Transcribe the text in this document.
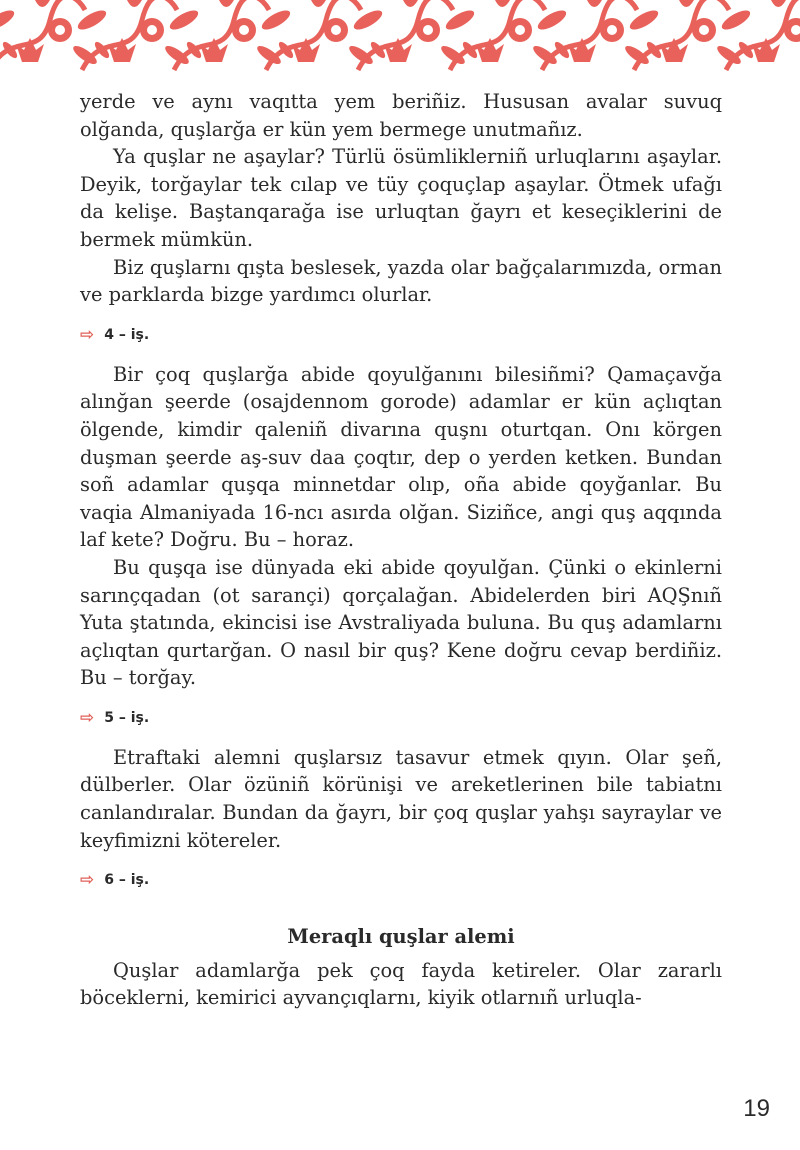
yerde ve aynı vaqıtta yem beriñiz. Hususan avalar suvuq olğanda, quşlarğa er kün yem bermege unutmañız.

Ya quşlar ne aşaylar? Türlü ösümliklerniñ urluqlarını aşaylar. Deyik, torğaylar tek cılap ve tüy çoquçlap aşaylar. Ötmek ufağı da kelişe. Baştanqarağa ise urluqtan ğayrı et keseçiklerini de bermek mümkün.

Biz quşlarnı qışta beslesek, yazda olar bağçalarımızda, orman ve parklarda bizge yardımcı olurlar.

⇨ 4 – iş.

Bir çoq quşlarğa abide qoyulğanını bilesiñmi? Qamaçavğa alınğan şeerde (osajdennom gorode) adamlar er kün açlıqtan ölgende, kimdir qaleniñ divarına quşnı oturtqan. Onı körgen duşman şeerde aş-suv daa çoqtır, dep o yerden ketken. Bundan soñ adamlar quşqa minnetdar olıp, oña abide qoyğanlar. Bu vaqia Almaniyada 16-ncı asırda olğan. Siziñce, angi quş aqqında laf kete? Doğru. Bu – horaz.

Bu quşqa ise dünyada eki abide qoyulğan. Çünki o ekinlerni sarınçqadan (ot sarançi) qorçalağan. Abidelerden biri AQŞnıñ Yuta ştatında, ekincisi ise Avstraliyada buluna. Bu quş adamlarnı açlıqtan qurtarğan. O nasıl bir quş? Kene doğru cevap berdiñiz. Bu – torğay.

⇨ 5 – iş.

Etraftaki alemni quşlarsız tasavur etmek qıyın. Olar şeñ, dülberler. Olar özüniñ körünişi ve areketlerinen bile tabiatnı canlandıralar. Bundan da ğayrı, bir çoq quşlar yahşı sayraylar ve keyfimizni kötereler.

⇨ 6 – iş.
Meraqlı quşlar alemi

Quşlar adamlarğa pek çoq fayda ketireler. Olar zararlı böceklerni, kemirici ayvançıqlarnı, kiyik otlarnıñ urluqla-

19
